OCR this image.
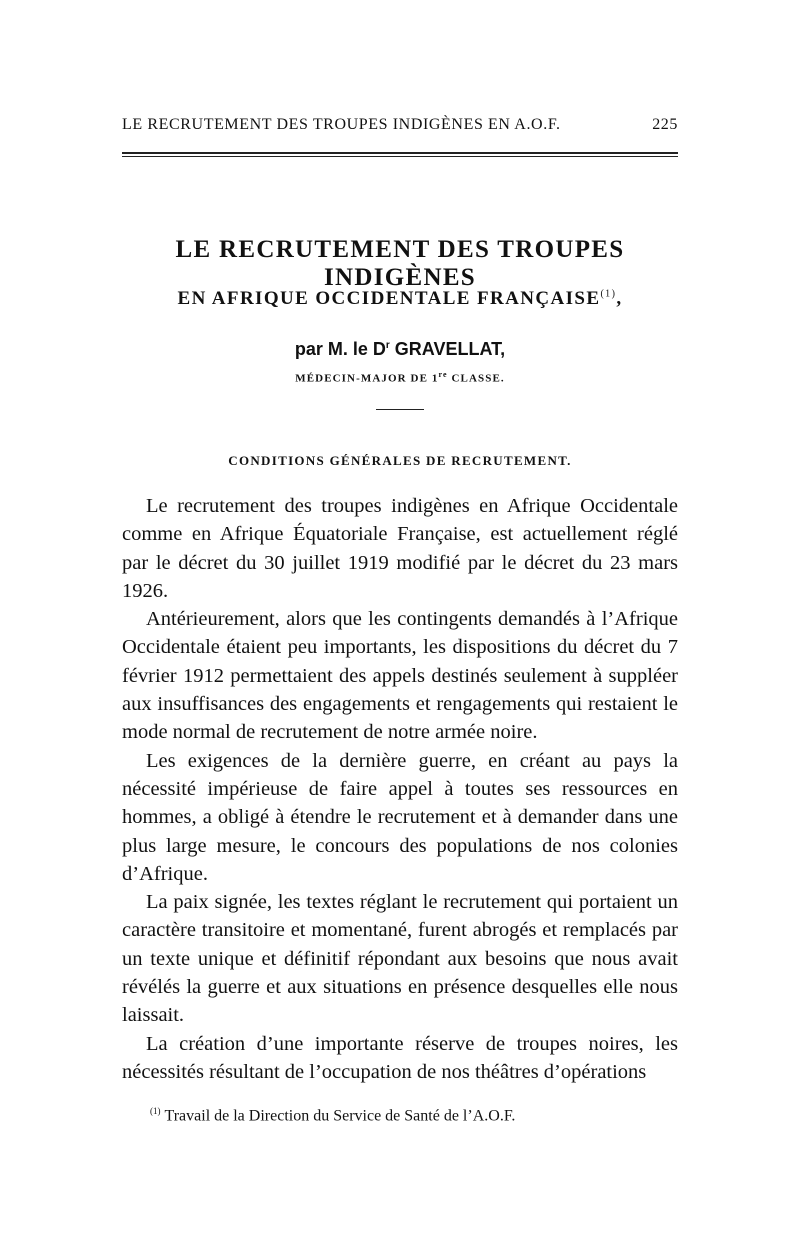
LE RECRUTEMENT DES TROUPES INDIGÈNES EN A.O.F.	225
LE RECRUTEMENT DES TROUPES INDIGÈNES
EN AFRIQUE OCCIDENTALE FRANÇAISE$^{(1)}$,
par M. le $D^r$ GRAVELLAT,
MÉDECIN-MAJOR DE 1re CLASSE.
CONDITIONS GÉNÉRALES DE RECRUTEMENT.

Le recrutement des troupes indigènes en Afrique Occidentale comme en Afrique Équatoriale Française, est actuellement réglé par le décret du 30 juillet 1919 modifié par le décret du 23 mars 1926.

Antérieurement, alors que les contingents demandés à l’Afrique Occidentale étaient peu importants, les dispositions du décret du 7 février 1912 permettaient des appels destinés seulement à suppléer aux insuffisances des engagements et rengagements qui restaient le mode normal de recrutement de notre armée noire.

Les exigences de la dernière guerre, en créant au pays la nécessité impérieuse de faire appel à toutes ses ressources en hommes, a obligé à étendre le recrutement et à demander dans une plus large mesure, le concours des populations de nos colonies d’Afrique.

La paix signée, les textes réglant le recrutement qui portaient un caractère transitoire et momentané, furent abrogés et remplacés par un texte unique et définitif répondant aux besoins que nous avait révélés la guerre et aux situations en présence desquelles elle nous laissait.

La création d’une importante réserve de troupes noires, les nécessités résultant de l’occupation de nos théâtres d’opérations

$^{(1)}$ Travail de la Direction du Service de Santé de l’A.O.F.
